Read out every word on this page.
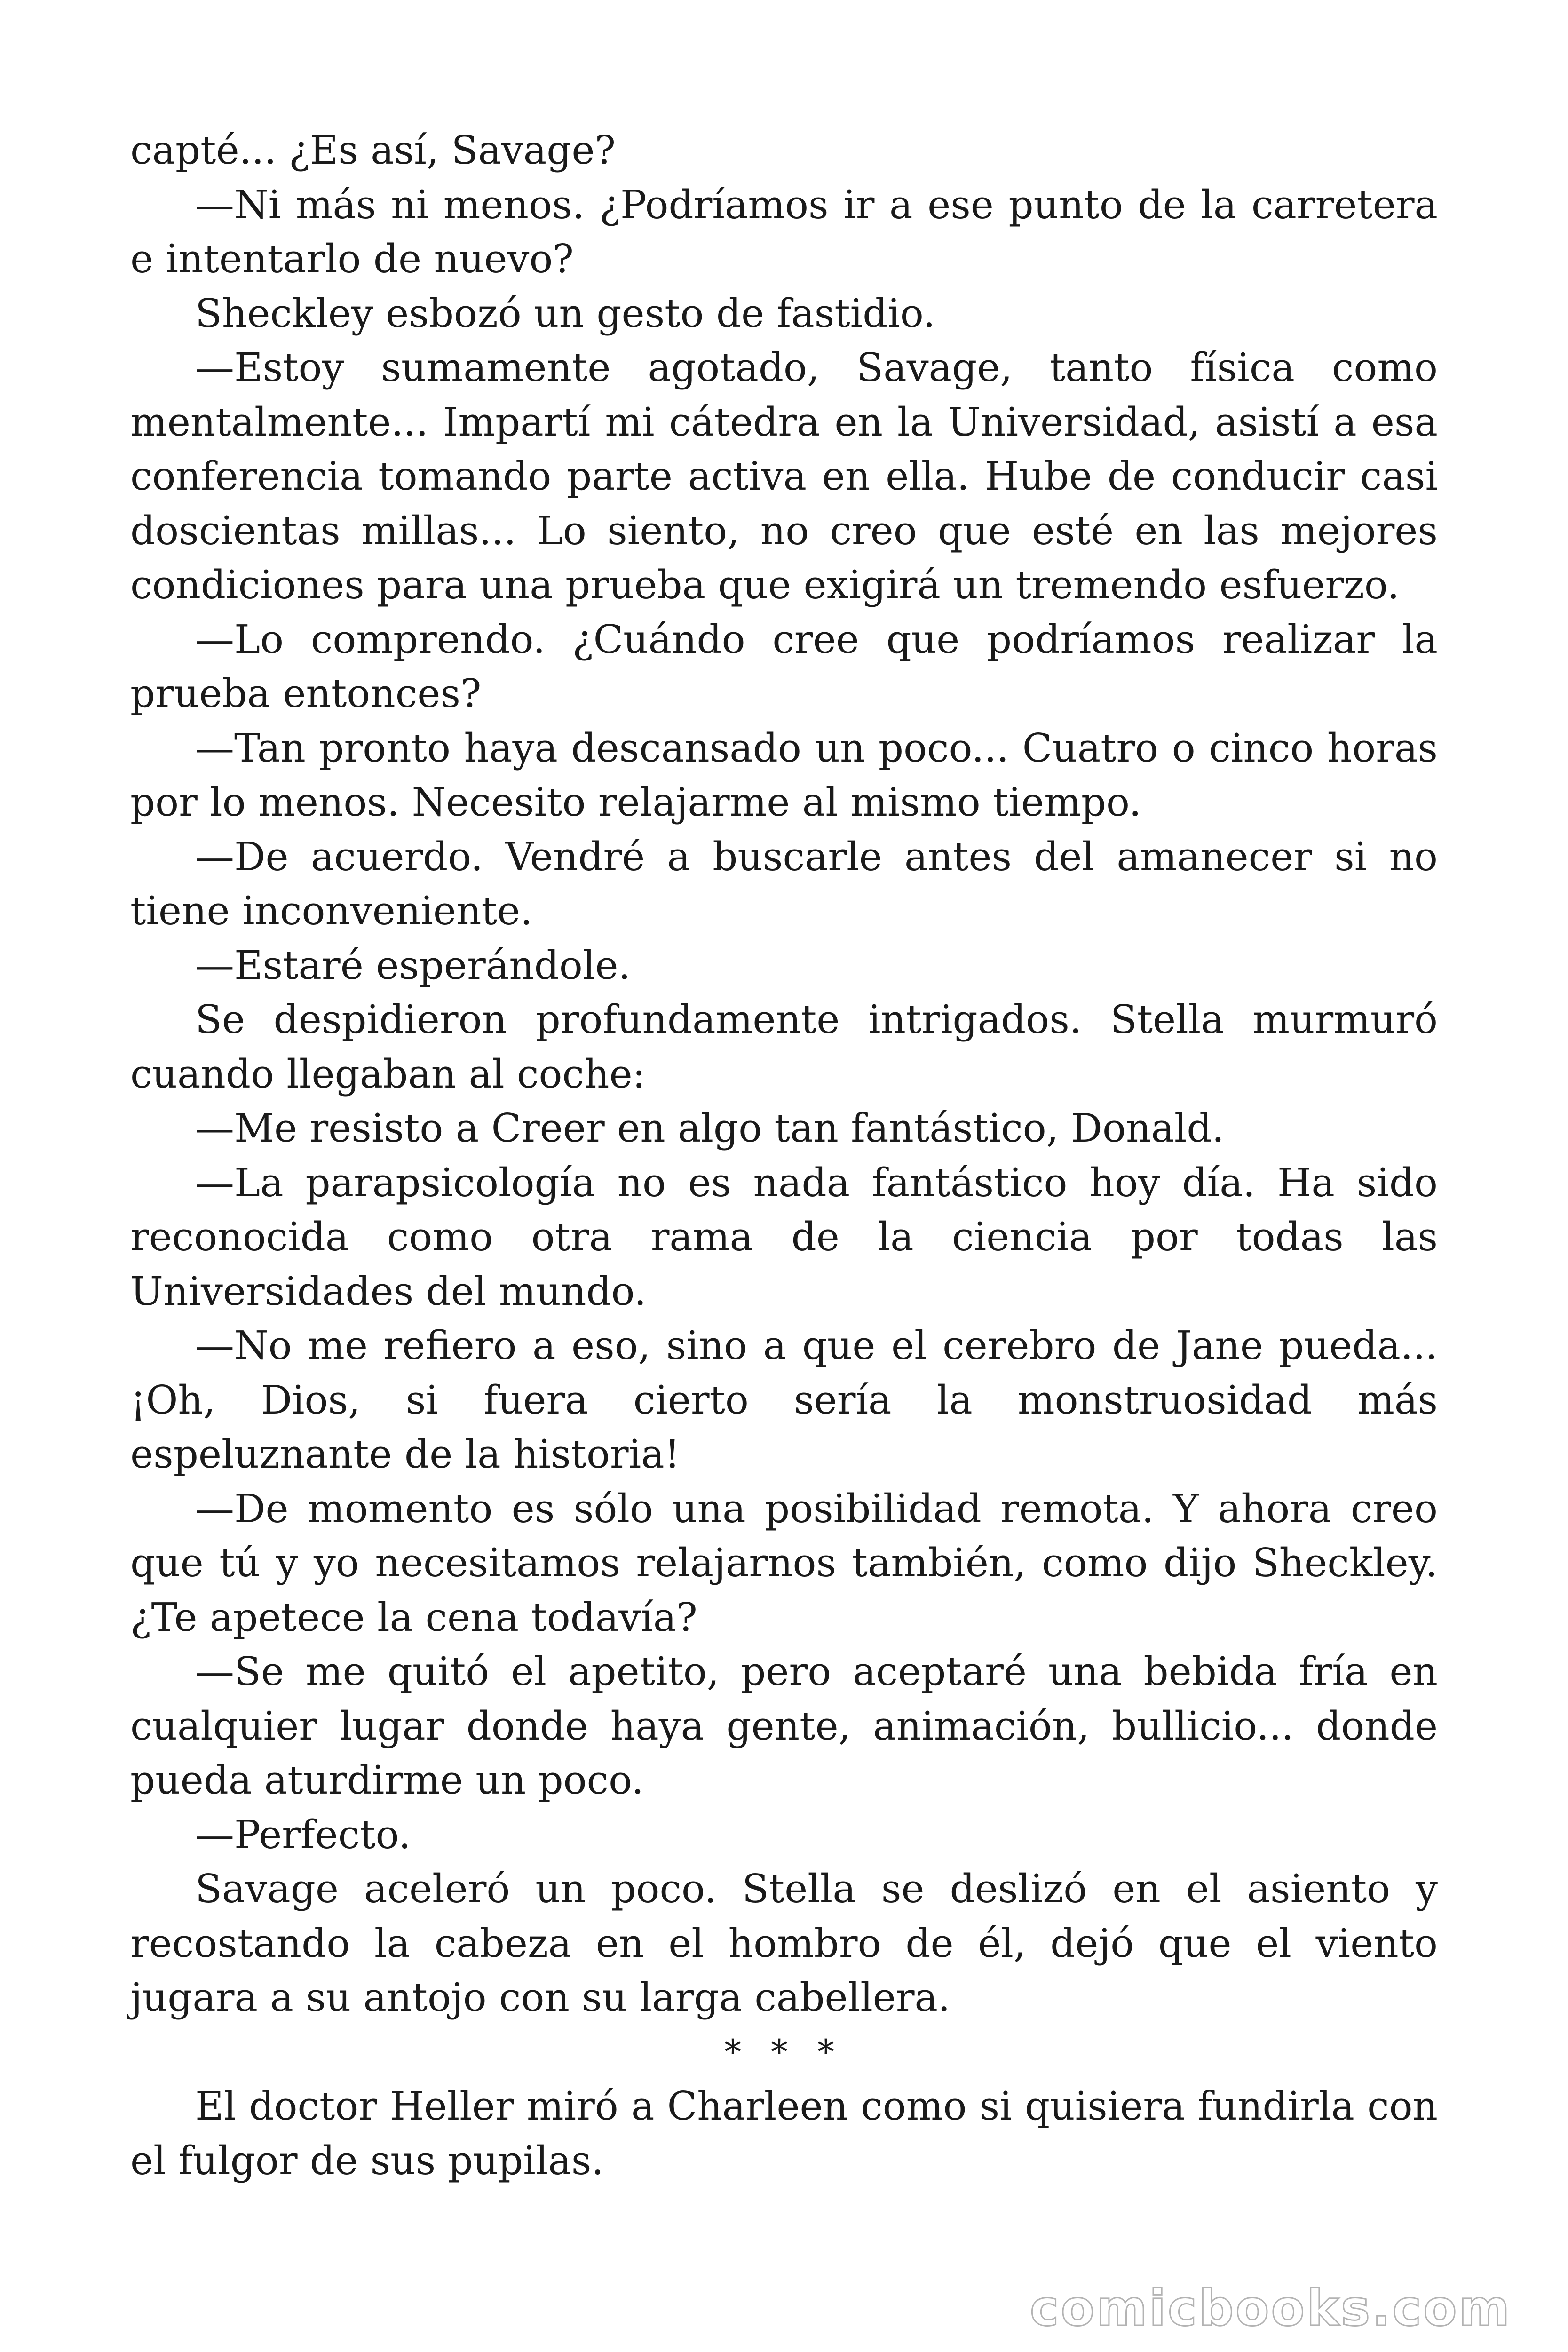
capté... ¿Es así, Savage?

—Ni más ni menos. ¿Podríamos ir a ese punto de la carretera e intentarlo de nuevo?

Sheckley esbozó un gesto de fastidio.

—Estoy sumamente agotado, Savage, tanto física como mentalmente... Impartí mi cátedra en la Universidad, asistí a esa conferencia tomando parte activa en ella. Hube de conducir casi doscientas millas... Lo siento, no creo que esté en las mejores condiciones para una prueba que exigirá un tremendo esfuerzo.

—Lo comprendo. ¿Cuándo cree que podríamos realizar la prueba entonces?

—Tan pronto haya descansado un poco... Cuatro o cinco horas por lo menos. Necesito relajarme al mismo tiempo.

—De acuerdo. Vendré a buscarle antes del amanecer si no tiene inconveniente.

—Estaré esperándole.

Se despidieron profundamente intrigados. Stella murmuró cuando llegaban al coche:

—Me resisto a Creer en algo tan fantástico, Donald.

—La parapsicología no es nada fantástico hoy día. Ha sido reconocida como otra rama de la ciencia por todas las Universidades del mundo.

—No me refiero a eso, sino a que el cerebro de Jane pueda... ¡Oh, Dios, si fuera cierto sería la monstruosidad más espeluznante de la historia!

—De momento es sólo una posibilidad remota. Y ahora creo que tú y yo necesitamos relajarnos también, como dijo Sheckley. ¿Te apetece la cena todavía?

—Se me quitó el apetito, pero aceptaré una bebida fría en cualquier lugar donde haya gente, animación, bullicio... donde pueda aturdirme un poco.

—Perfecto.

Savage aceleró un poco. Stella se deslizó en el asiento y recostando la cabeza en el hombro de él, dejó que el viento jugara a su antojo con su larga cabellera.

* * *

El doctor Heller miró a Charleen como si quisiera fundirla con el fulgor de sus pupilas.

comicbooks.com
